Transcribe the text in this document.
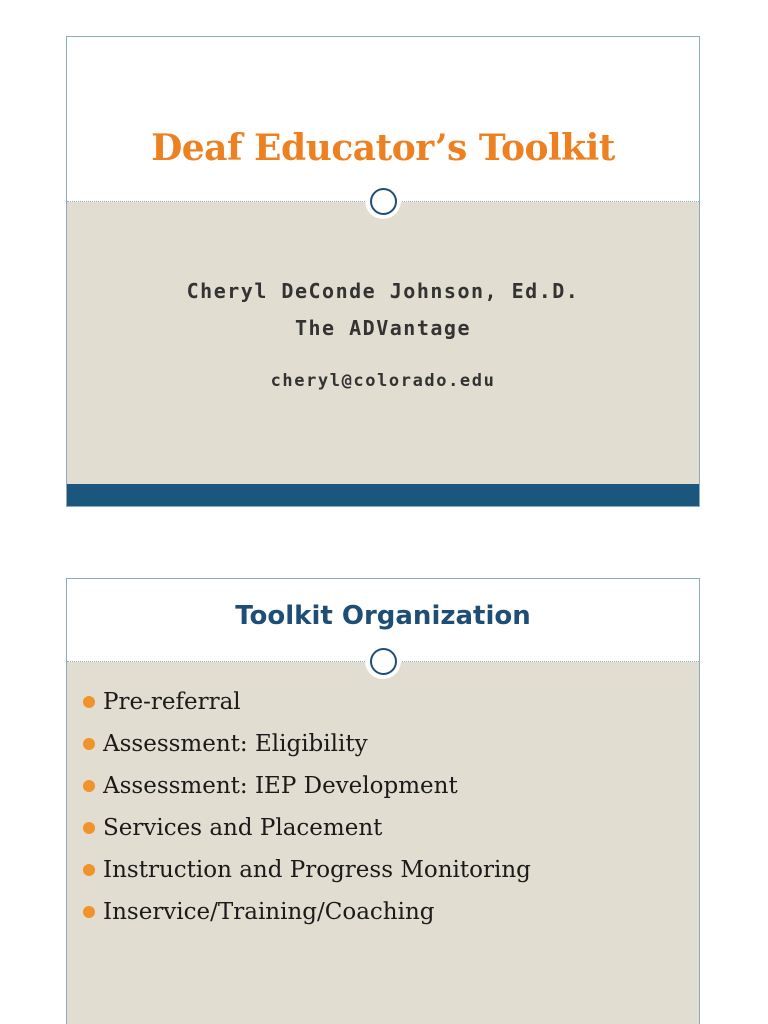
Deaf Educator’s Toolkit
Cheryl DeConde Johnson, Ed.D.
The ADVantage
cheryl@colorado.edu
Toolkit Organization
Pre-referral
Assessment: Eligibility
Assessment: IEP Development
Services and Placement
Instruction and Progress Monitoring
Inservice/Training/Coaching
